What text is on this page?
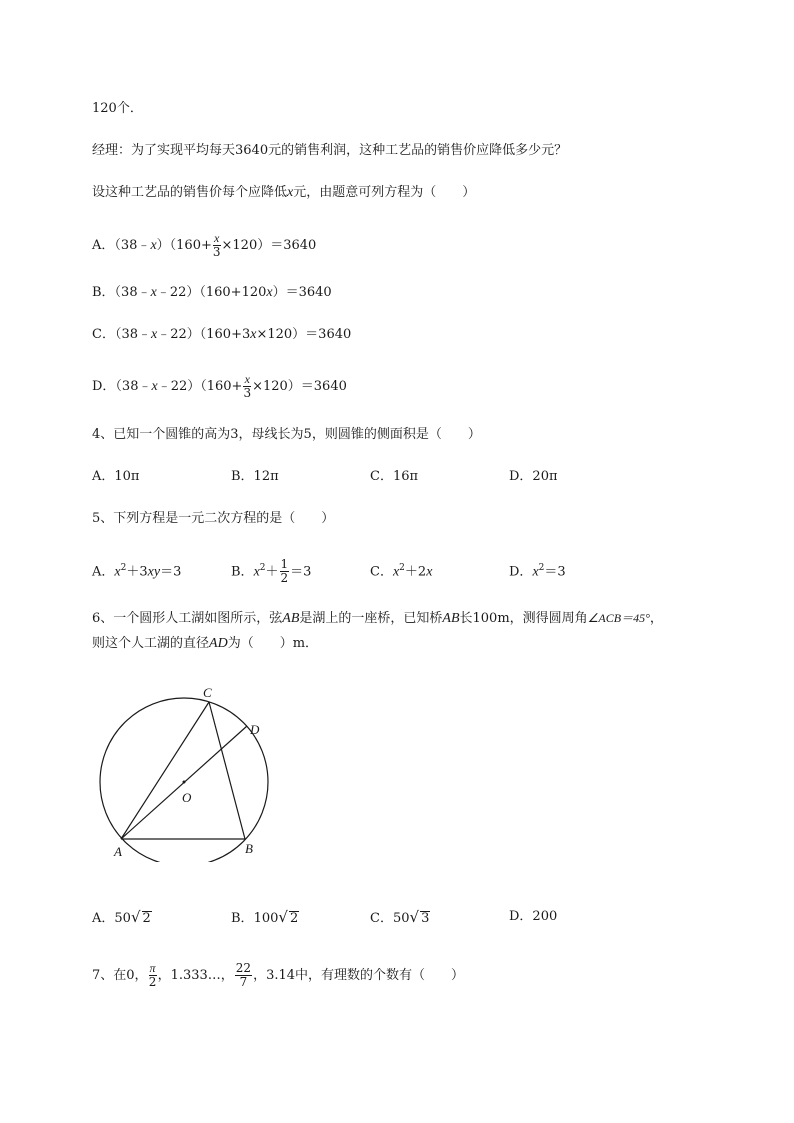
120个．
经理：为了实现平均每天3640元的销售利润，这种工艺品的销售价应降低多少元？
设这种工艺品的销售价每个应降低x元，由题意可列方程为（　　）
A．（38﹣x）（160+ $\frac{x}{3} \times 120)=3640$
B．（38﹣x﹣22）（160+120x）＝3640
C．（38﹣x﹣22）（160+3x×120）＝3640
D．（38﹣x﹣22）（160+ $\frac{x}{3} \times 120)=3640$
4、已知一个圆锥的高为3，母线长为5，则圆锥的侧面积是（　　）
A．10π	B．12π	C．16π	D．20π
5、下列方程是一元二次方程的是（　　）
A．$x^2+3xy=3$	B．$x^2+ \frac{1}{2} =3$	C．$x^2+2x$	D．$x^2=3$
6、一个圆形人工湖如图所示，弦AB是湖上的一座桥，已知桥AB长100m，测得圆周角∠ACB＝45°，
则这个人工湖的直径AD为（　　）m．
C
D
O
A	B
A．50√ 2	B．100√ 2	C．50√ 3	D．200
7、在0， $\frac{\pi}{2}$ ，1.333…， $\frac{22}{7}$ ，3.14中，有理数的个数有（　　）
